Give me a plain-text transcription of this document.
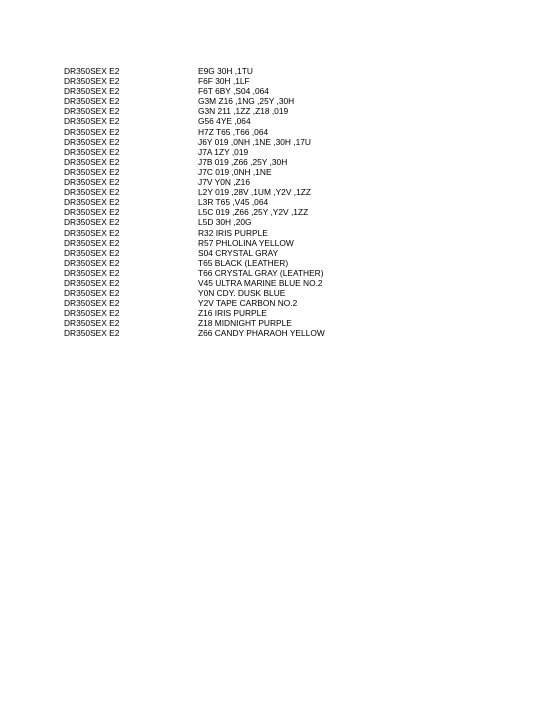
DR350SEX E2	E9G 30H ,1TU
DR350SEX E2	F6F 30H ,1LF
DR350SEX E2	F6T 6BY ,S04 ,064
DR350SEX E2	G3M Z16 ,1NG ,25Y ,30H
DR350SEX E2	G3N 211 ,1ZZ ,Z18 ,019
DR350SEX E2	G56 4YE ,064
DR350SEX E2	H7Z T65 ,T66 ,064
DR350SEX E2	J6Y 019 ,0NH ,1NE ,30H ,17U
DR350SEX E2	J7A 1ZY ,019
DR350SEX E2	J7B 019 ,Z66 ,25Y ,30H
DR350SEX E2	J7C 019 ,0NH ,1NE
DR350SEX E2	J7V Y0N ,Z16
DR350SEX E2	L2Y 019 ,28V ,1UM ,Y2V ,1ZZ
DR350SEX E2	L3R T65 ,V45 ,064
DR350SEX E2	L5C 019 ,Z66 ,25Y ,Y2V ,1ZZ
DR350SEX E2	L5D 30H ,20G
DR350SEX E2	R32 IRIS PURPLE
DR350SEX E2	R57 PHLOLINA YELLOW
DR350SEX E2	S04 CRYSTAL GRAY
DR350SEX E2	T65 BLACK (LEATHER)
DR350SEX E2	T66 CRYSTAL GRAY (LEATHER)
DR350SEX E2	V45 ULTRA MARINE BLUE NO.2
DR350SEX E2	Y0N CDY. DUSK BLUE
DR350SEX E2	Y2V TAPE CARBON NO.2
DR350SEX E2	Z16 IRIS PURPLE
DR350SEX E2	Z18 MIDNIGHT PURPLE
DR350SEX E2	Z66 CANDY PHARAOH YELLOW
